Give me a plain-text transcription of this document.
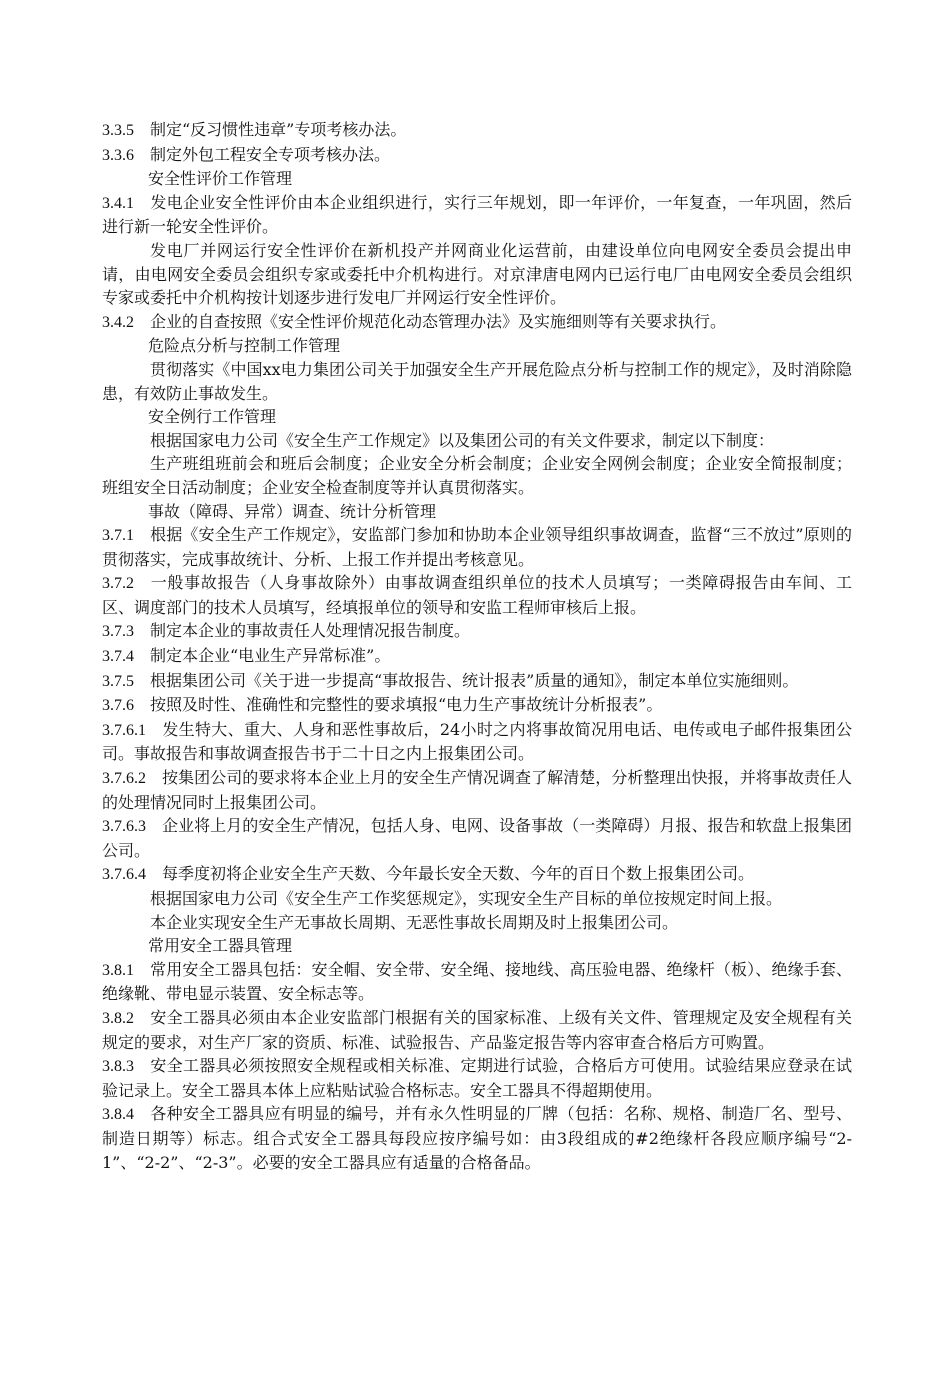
3.3.5 制定“反习惯性违章”专项考核办法。

3.3.6 制定外包工程安全专项考核办法。

安全性评价工作管理

3.4.1 发电企业安全性评价由本企业组织进行，实行三年规划，即一年评价，一年复查，一年巩固，然后进行新一轮安全性评价。

发电厂并网运行安全性评价在新机投产并网商业化运营前，由建设单位向电网安全委员会提出申请，由电网安全委员会组织专家或委托中介机构进行。对京津唐电网内已运行电厂由电网安全委员会组织专家或委托中介机构按计划逐步进行发电厂并网运行安全性评价。

3.4.2 企业的自查按照《安全性评价规范化动态管理办法》及实施细则等有关要求执行。

危险点分析与控制工作管理

贯彻落实《中国xx电力集团公司关于加强安全生产开展危险点分析与控制工作的规定》，及时消除隐患，有效防止事故发生。

安全例行工作管理

根据国家电力公司《安全生产工作规定》以及集团公司的有关文件要求，制定以下制度：

生产班组班前会和班后会制度；企业安全分析会制度；企业安全网例会制度；企业安全简报制度；班组安全日活动制度；企业安全检查制度等并认真贯彻落实。

事故（障碍、异常）调查、统计分析管理

3.7.1 根据《安全生产工作规定》，安监部门参加和协助本企业领导组织事故调查，监督“三不放过”原则的贯彻落实，完成事故统计、分析、上报工作并提出考核意见。

3.7.2 一般事故报告（人身事故除外）由事故调查组织单位的技术人员填写；一类障碍报告由车间、工区、调度部门的技术人员填写，经填报单位的领导和安监工程师审核后上报。

3.7.3 制定本企业的事故责任人处理情况报告制度。

3.7.4 制定本企业“电业生产异常标准”。

3.7.5 根据集团公司《关于进一步提高“事故报告、统计报表”质量的通知》，制定本单位实施细则。

3.7.6 按照及时性、准确性和完整性的要求填报“电力生产事故统计分析报表”。

3.7.6.1 发生特大、重大、人身和恶性事故后，24小时之内将事故简况用电话、电传或电子邮件报集团公司。事故报告和事故调查报告书于二十日之内上报集团公司。

3.7.6.2 按集团公司的要求将本企业上月的安全生产情况调查了解清楚，分析整理出快报，并将事故责任人的处理情况同时上报集团公司。

3.7.6.3 企业将上月的安全生产情况，包括人身、电网、设备事故（一类障碍）月报、报告和软盘上报集团公司。

3.7.6.4 每季度初将企业安全生产天数、今年最长安全天数、今年的百日个数上报集团公司。

根据国家电力公司《安全生产工作奖惩规定》，实现安全生产目标的单位按规定时间上报。

本企业实现安全生产无事故长周期、无恶性事故长周期及时上报集团公司。

常用安全工器具管理

3.8.1 常用安全工器具包括：安全帽、安全带、安全绳、接地线、高压验电器、绝缘杆（板）、绝缘手套、绝缘靴、带电显示装置、安全标志等。

3.8.2 安全工器具必须由本企业安监部门根据有关的国家标准、上级有关文件、管理规定及安全规程有关规定的要求，对生产厂家的资质、标准、试验报告、产品鉴定报告等内容审查合格后方可购置。

3.8.3 安全工器具必须按照安全规程或相关标准、定期进行试验，合格后方可使用。试验结果应登录在试验记录上。安全工器具本体上应粘贴试验合格标志。安全工器具不得超期使用。

3.8.4 各种安全工器具应有明显的编号，并有永久性明显的厂牌（包括：名称、规格、制造厂名、型号、制造日期等）标志。组合式安全工器具每段应按序编号如：由3段组成的#2绝缘杆各段应顺序编号“2-1”、“2-2”、“2-3”。必要的安全工器具应有适量的合格备品。
